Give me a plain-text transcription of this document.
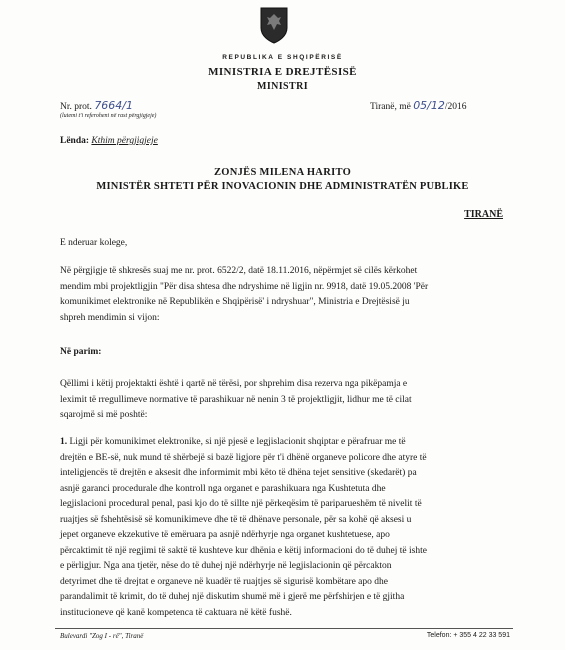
REPUBLIKA E SHQIPËRISË
MINISTRIA E DREJTËSISË
MINISTRI
Nr. prot. 7664/1
(lutemi t'i referoheni në rast përgjigjeje)
Tiranë, më 05/12/2016
Lënda: Kthim përgjigjeje
ZONJËS MILENA HARITO
MINISTËR SHTETI PËR INOVACIONIN DHE ADMINISTRATËN PUBLIKE
TIRANË
E nderuar kolege,
Në përgjigje të shkresës suaj me nr. prot. 6522/2, datë 18.11.2016, nëpërmjet së cilës kërkohet
mendim mbi projektligjin "Për disa shtesa dhe ndryshime në ligjin nr. 9918, datë 19.05.2008 'Për
komunikimet elektronike në Republikën e Shqipërisë' i ndryshuar", Ministria e Drejtësisë ju
shpreh mendimin si vijon:
Në parim:
Qëllimi i këtij projektakti është i qartë në tërësi, por shprehim disa rezerva nga pikëpamja e
leximit të rregullimeve normative të parashikuar në nenin 3 të projektligjit, lidhur me të cilat
sqarojmë si më poshtë:
1. Ligji për komunikimet elektronike, si një pjesë e legjislacionit shqiptar e përafruar me të
drejtën e BE-së, nuk mund të shërbejë si bazë ligjore për t'i dhënë organeve policore dhe atyre të
inteligjencës të drejtën e aksesit dhe informimit mbi këto të dhëna tejet sensitive (skedarët) pa
asnjë garanci procedurale dhe kontroll nga organet e parashikuara nga Kushtetuta dhe
legjislacioni procedural penal, pasi kjo do të sillte një përkeqësim të pariparueshëm të nivelit të
ruajtjes së fshehtësisë së komunikimeve dhe të të dhënave personale, për sa kohë që aksesi u
jepet organeve ekzekutive të emëruara pa asnjë ndërhyrje nga organet kushtetuese, apo
përcaktimit të një regjimi të saktë të kushteve kur dhënia e këtij informacioni do të duhej të ishte
e përligjur. Nga ana tjetër, nëse do të duhej një ndërhyrje në legjislacionin që përcakton
detyrimet dhe të drejtat e organeve në kuadër të ruajtjes së sigurisë kombëtare apo dhe
parandalimit të krimit, do të duhej një diskutim shumë më i gjerë me përfshirjen e të gjitha
institucioneve që kanë kompetenca të caktuara në këtë fushë.
Bulevardi "Zog I - rë", Tiranë	Telefon: + 355 4 22 33 591
